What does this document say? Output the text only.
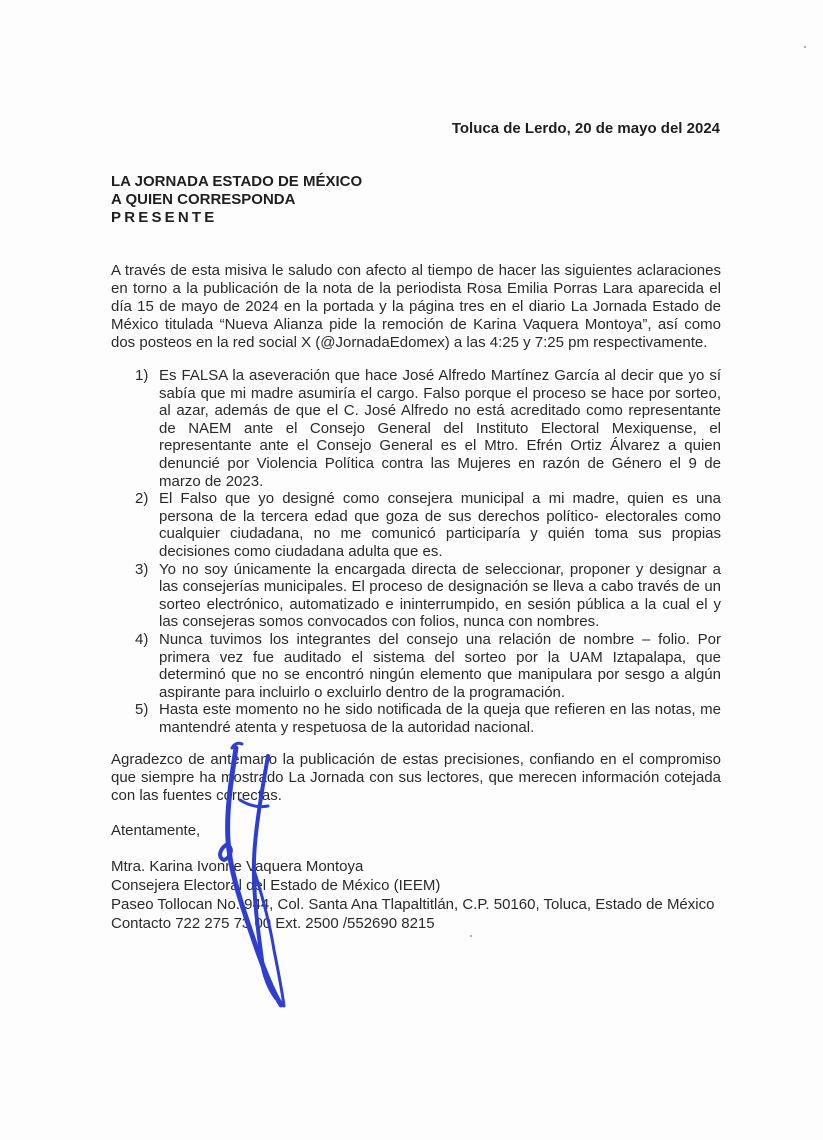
Toluca de Lerdo, 20 de mayo del 2024
LA JORNADA ESTADO DE MÉXICO
A QUIEN CORRESPONDA
PRESENTE
A través de esta misiva le saludo con afecto al tiempo de hacer las siguientes aclaraciones en torno a la publicación de la nota de la periodista Rosa Emilia Porras Lara aparecida el día 15 de mayo de 2024 en la portada y la página tres en el diario La Jornada Estado de México titulada “Nueva Alianza pide la remoción de Karina Vaquera Montoya”, así como dos posteos en la red social X (@JornadaEdomex) a las 4:25 y 7:25 pm respectivamente.
1) Es FALSA la aseveración que hace José Alfredo Martínez García al decir que yo sí sabía que mi madre asumiría el cargo. Falso porque el proceso se hace por sorteo, al azar, además de que el C. José Alfredo no está acreditado como representante de NAEM ante el Consejo General del Instituto Electoral Mexiquense, el representante ante el Consejo General es el Mtro. Efrén Ortiz Álvarez a quien denuncié por Violencia Política contra las Mujeres en razón de Género el 9 de marzo de 2023.
2) El Falso que yo designé como consejera municipal a mi madre, quien es una persona de la tercera edad que goza de sus derechos político- electorales como cualquier ciudadana, no me comunicó participaría y quién toma sus propias decisiones como ciudadana adulta que es.
3) Yo no soy únicamente la encargada directa de seleccionar, proponer y designar a las consejerías municipales. El proceso de designación se lleva a cabo través de un sorteo electrónico, automatizado e ininterrumpido, en sesión pública a la cual el y las consejeras somos convocados con folios, nunca con nombres.
4) Nunca tuvimos los integrantes del consejo una relación de nombre – folio. Por primera vez fue auditado el sistema del sorteo por la UAM Iztapalapa, que determinó que no se encontró ningún elemento que manipulara por sesgo a algún aspirante para incluirlo o excluirlo dentro de la programación.
5) Hasta este momento no he sido notificada de la queja que refieren en las notas, me mantendré atenta y respetuosa de la autoridad nacional.
Agradezco de antemano la publicación de estas precisiones, confiando en el compromiso que siempre ha mostrado La Jornada con sus lectores, que merecen información cotejada con las fuentes correctas.
Atentamente,
Mtra. Karina Ivonne Vaquera Montoya
Consejera Electoral del Estado de México (IEEM)
Paseo Tollocan No. 944, Col. Santa Ana Tlapaltitlán, C.P. 50160, Toluca, Estado de México
Contacto 722 275 73 00 Ext. 2500 /552690 8215
